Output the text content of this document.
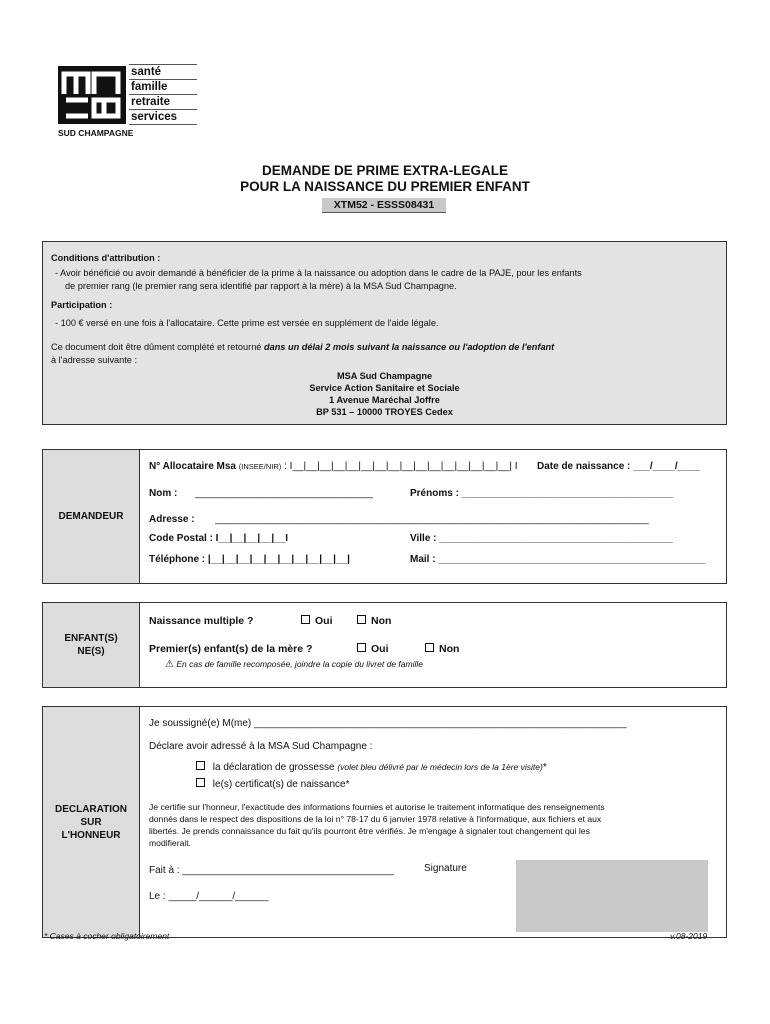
santé
famille
retraite
services
SUD CHAMPAGNE
DEMANDE DE PRIME EXTRA-LEGALE
POUR LA NAISSANCE DU PREMIER ENFANT
XTM52 - ESSS08431

Conditions d'attribution :

- Avoir bénéficié ou avoir demandé à bénéficier de la prime à la naissance ou adoption dans le cadre de la PAJE, pour les enfants

de premier rang (le premier rang sera identifié par rapport à la mère) à la MSA Sud Champagne.

Participation :

- 100 € versé en une fois à l'allocataire. Cette prime est versée en supplément de l'aide légale.

Ce document doit être dûment complété et retourné dans un délai 2 mois suivant la naissance ou l'adoption de l'enfant

à l'adresse suivante :

MSA Sud Champagne

Service Action Sanitaire et Sociale

1 Avenue Maréchal Joffre

BP 531 – 10000 TROYES Cedex

DEMANDEUR
N° Allocataire Msa (INSEE/NIR) : I__|__|__|__|__|__|__|__|__|__|__|__|__|__|__|__| I Date de naissance : ___/____/____
Nom : ________________________________	Prénoms : ______________________________________
Adresse : ______________________________________________________________________________
Code Postal : I__|__|__|__|__I	Ville : __________________________________________
Téléphone : |__|__|__|__|__|__|__|__|__|__|	Mail : ________________________________________________
ENFANT(S)
NE(S)
Naissance multiple ?	Oui	Non
Premier(s) enfant(s) de la mère ?	Oui	Non
⚠ En cas de famille recomposée, joindre la copie du livret de famille
DECLARATION
SUR
L'HONNEUR
Je soussigné(e) M(me) ___________________________________________________________________
Déclare avoir adressé à la MSA Sud Champagne :
la déclaration de grossesse (volet bleu délivré par le médecin lors de la 1ère visite)*
le(s) certificat(s) de naissance*
Je certifie sur l'honneur, l'exactitude des informations fournies et autorise le traitement informatique des renseignements
donnés dans le respect des dispositions de la loi n° 78-17 du 6 janvier 1978 relative à l'informatique, aux fichiers et aux
libertés. Je prends connaissance du fait qu'ils pourront être vérifiés. Je m'engage à signaler tout changement qui les
modifierait.
Fait à : ______________________________________	Signature
Le : _____/______/______
* Cases à cocher obligatoirement	v.08-2019
